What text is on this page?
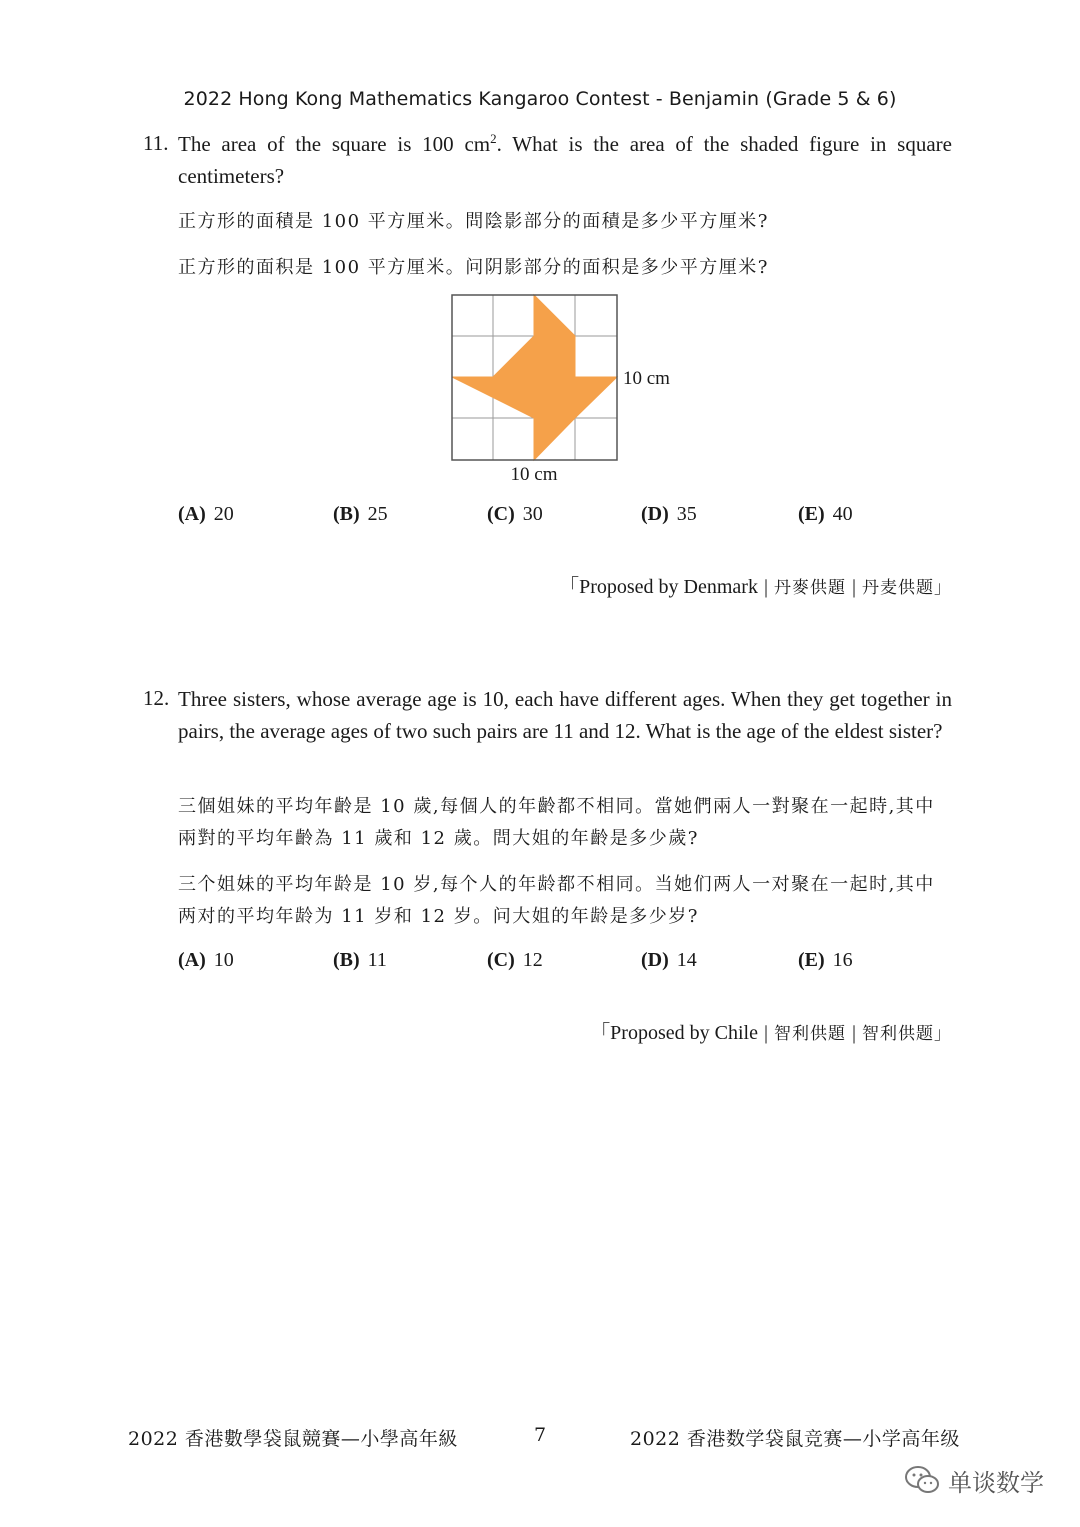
2022 Hong Kong Mathematics Kangaroo Contest - Benjamin (Grade 5 & 6)
11. The area of the square is 100 $cm^2$. What is the area of the shaded figure in square centimeters?
正方形的面積是 100 平方厘米。問陰影部分的面積是多少平方厘米?
正方形的面积是 100 平方厘米。问阴影部分的面积是多少平方厘米?
10 cm
10 cm
(A) 20	(B) 25	(C) 30	(D) 35	(E) 40
「Proposed by Denmark | 丹麥供題 | 丹麦供题」
12. Three sisters, whose average age is 10, each have different ages. When they get together in pairs, the average ages of two such pairs are 11 and 12. What is the age of the eldest sister?
三個姐妹的平均年齡是 10 歲,每個人的年齡都不相同。當她們兩人一對聚在一起時,其中兩對的平均年齡為 11 歲和 12 歲。問大姐的年齡是多少歲?
三个姐妹的平均年龄是 10 岁,每个人的年龄都不相同。当她们两人一对聚在一起时,其中两对的平均年龄为 11 岁和 12 岁。问大姐的年龄是多少岁?
(A) 10	(B) 11	(C) 12	(D) 14	(E) 16
「Proposed by Chile | 智利供題 | 智利供题」
2022 香港數學袋鼠競賽—小學高年級	7	2022 香港数学袋鼠竞赛—小学高年级
单谈数学
